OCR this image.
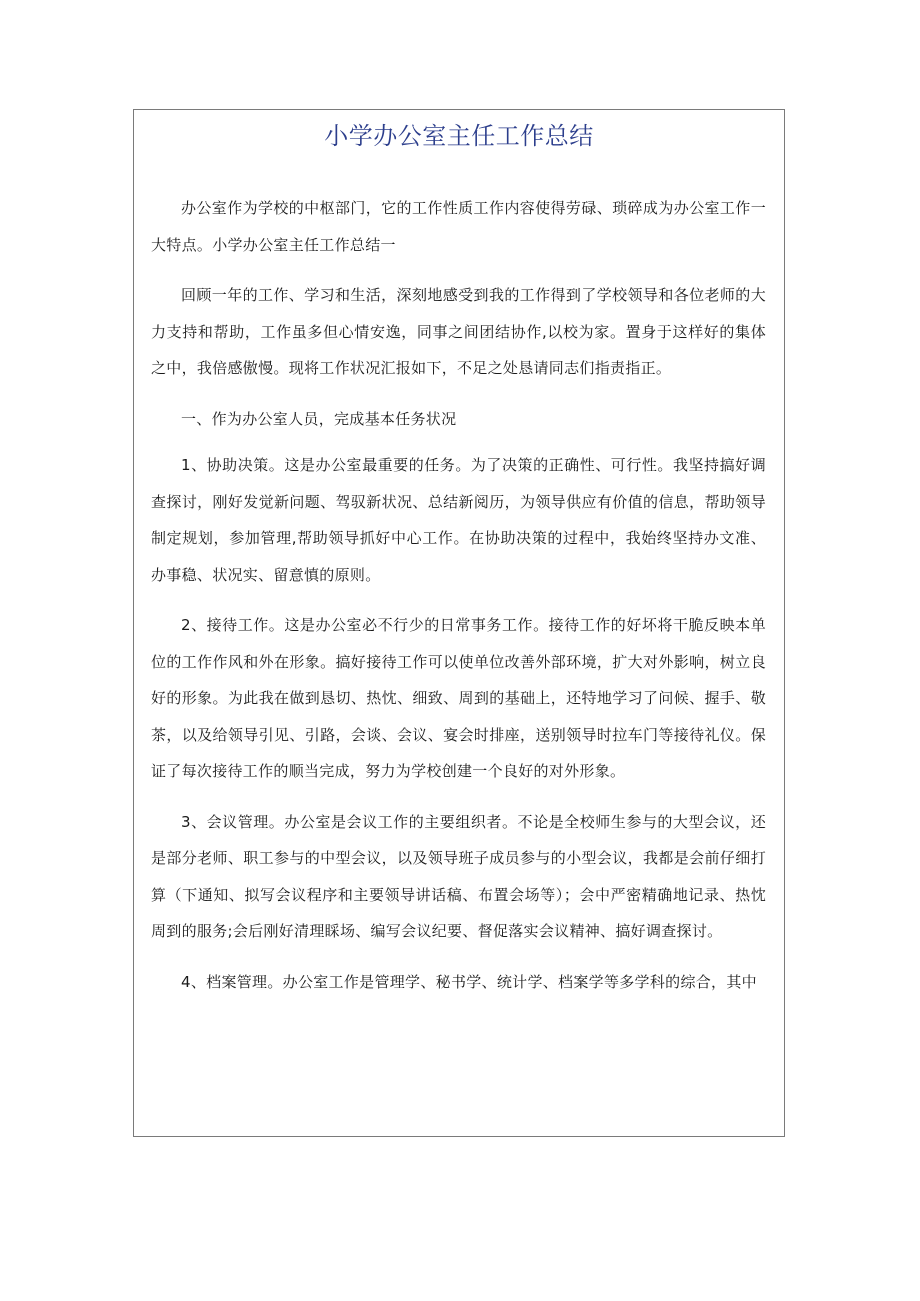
小学办公室主任工作总结

办公室作为学校的中枢部门，它的工作性质工作内容使得劳碌、琐碎成为办公室工作一大特点。小学办公室主任工作总结一

回顾一年的工作、学习和生活，深刻地感受到我的工作得到了学校领导和各位老师的大力支持和帮助，工作虽多但心情安逸，同事之间团结协作,以校为家。置身于这样好的集体之中，我倍感傲慢。现将工作状况汇报如下，不足之处恳请同志们指责指正。

一、作为办公室人员，完成基本任务状况

1、协助决策。这是办公室最重要的任务。为了决策的正确性、可行性。我坚持搞好调查探讨，刚好发觉新问题、驾驭新状况、总结新阅历，为领导供应有价值的信息，帮助领导制定规划，参加管理,帮助领导抓好中心工作。在协助决策的过程中，我始终坚持办文准、办事稳、状况实、留意慎的原则。

2、接待工作。这是办公室必不行少的日常事务工作。接待工作的好坏将干脆反映本单位的工作作风和外在形象。搞好接待工作可以使单位改善外部环境，扩大对外影响，树立良好的形象。为此我在做到恳切、热忱、细致、周到的基础上，还特地学习了问候、握手、敬茶，以及给领导引见、引路，会谈、会议、宴会时排座，送别领导时拉车门等接待礼仪。保证了每次接待工作的顺当完成，努力为学校创建一个良好的对外形象。

3、会议管理。办公室是会议工作的主要组织者。不论是全校师生参与的大型会议，还是部分老师、职工参与的中型会议，以及领导班子成员参与的小型会议，我都是会前仔细打算（下通知、拟写会议程序和主要领导讲话稿、布置会场等）；会中严密精确地记录、热忱周到的服务;会后刚好清理睬场、编写会议纪要、督促落实会议精神、搞好调查探讨。

4、档案管理。办公室工作是管理学、秘书学、统计学、档案学等多学科的综合，其中
